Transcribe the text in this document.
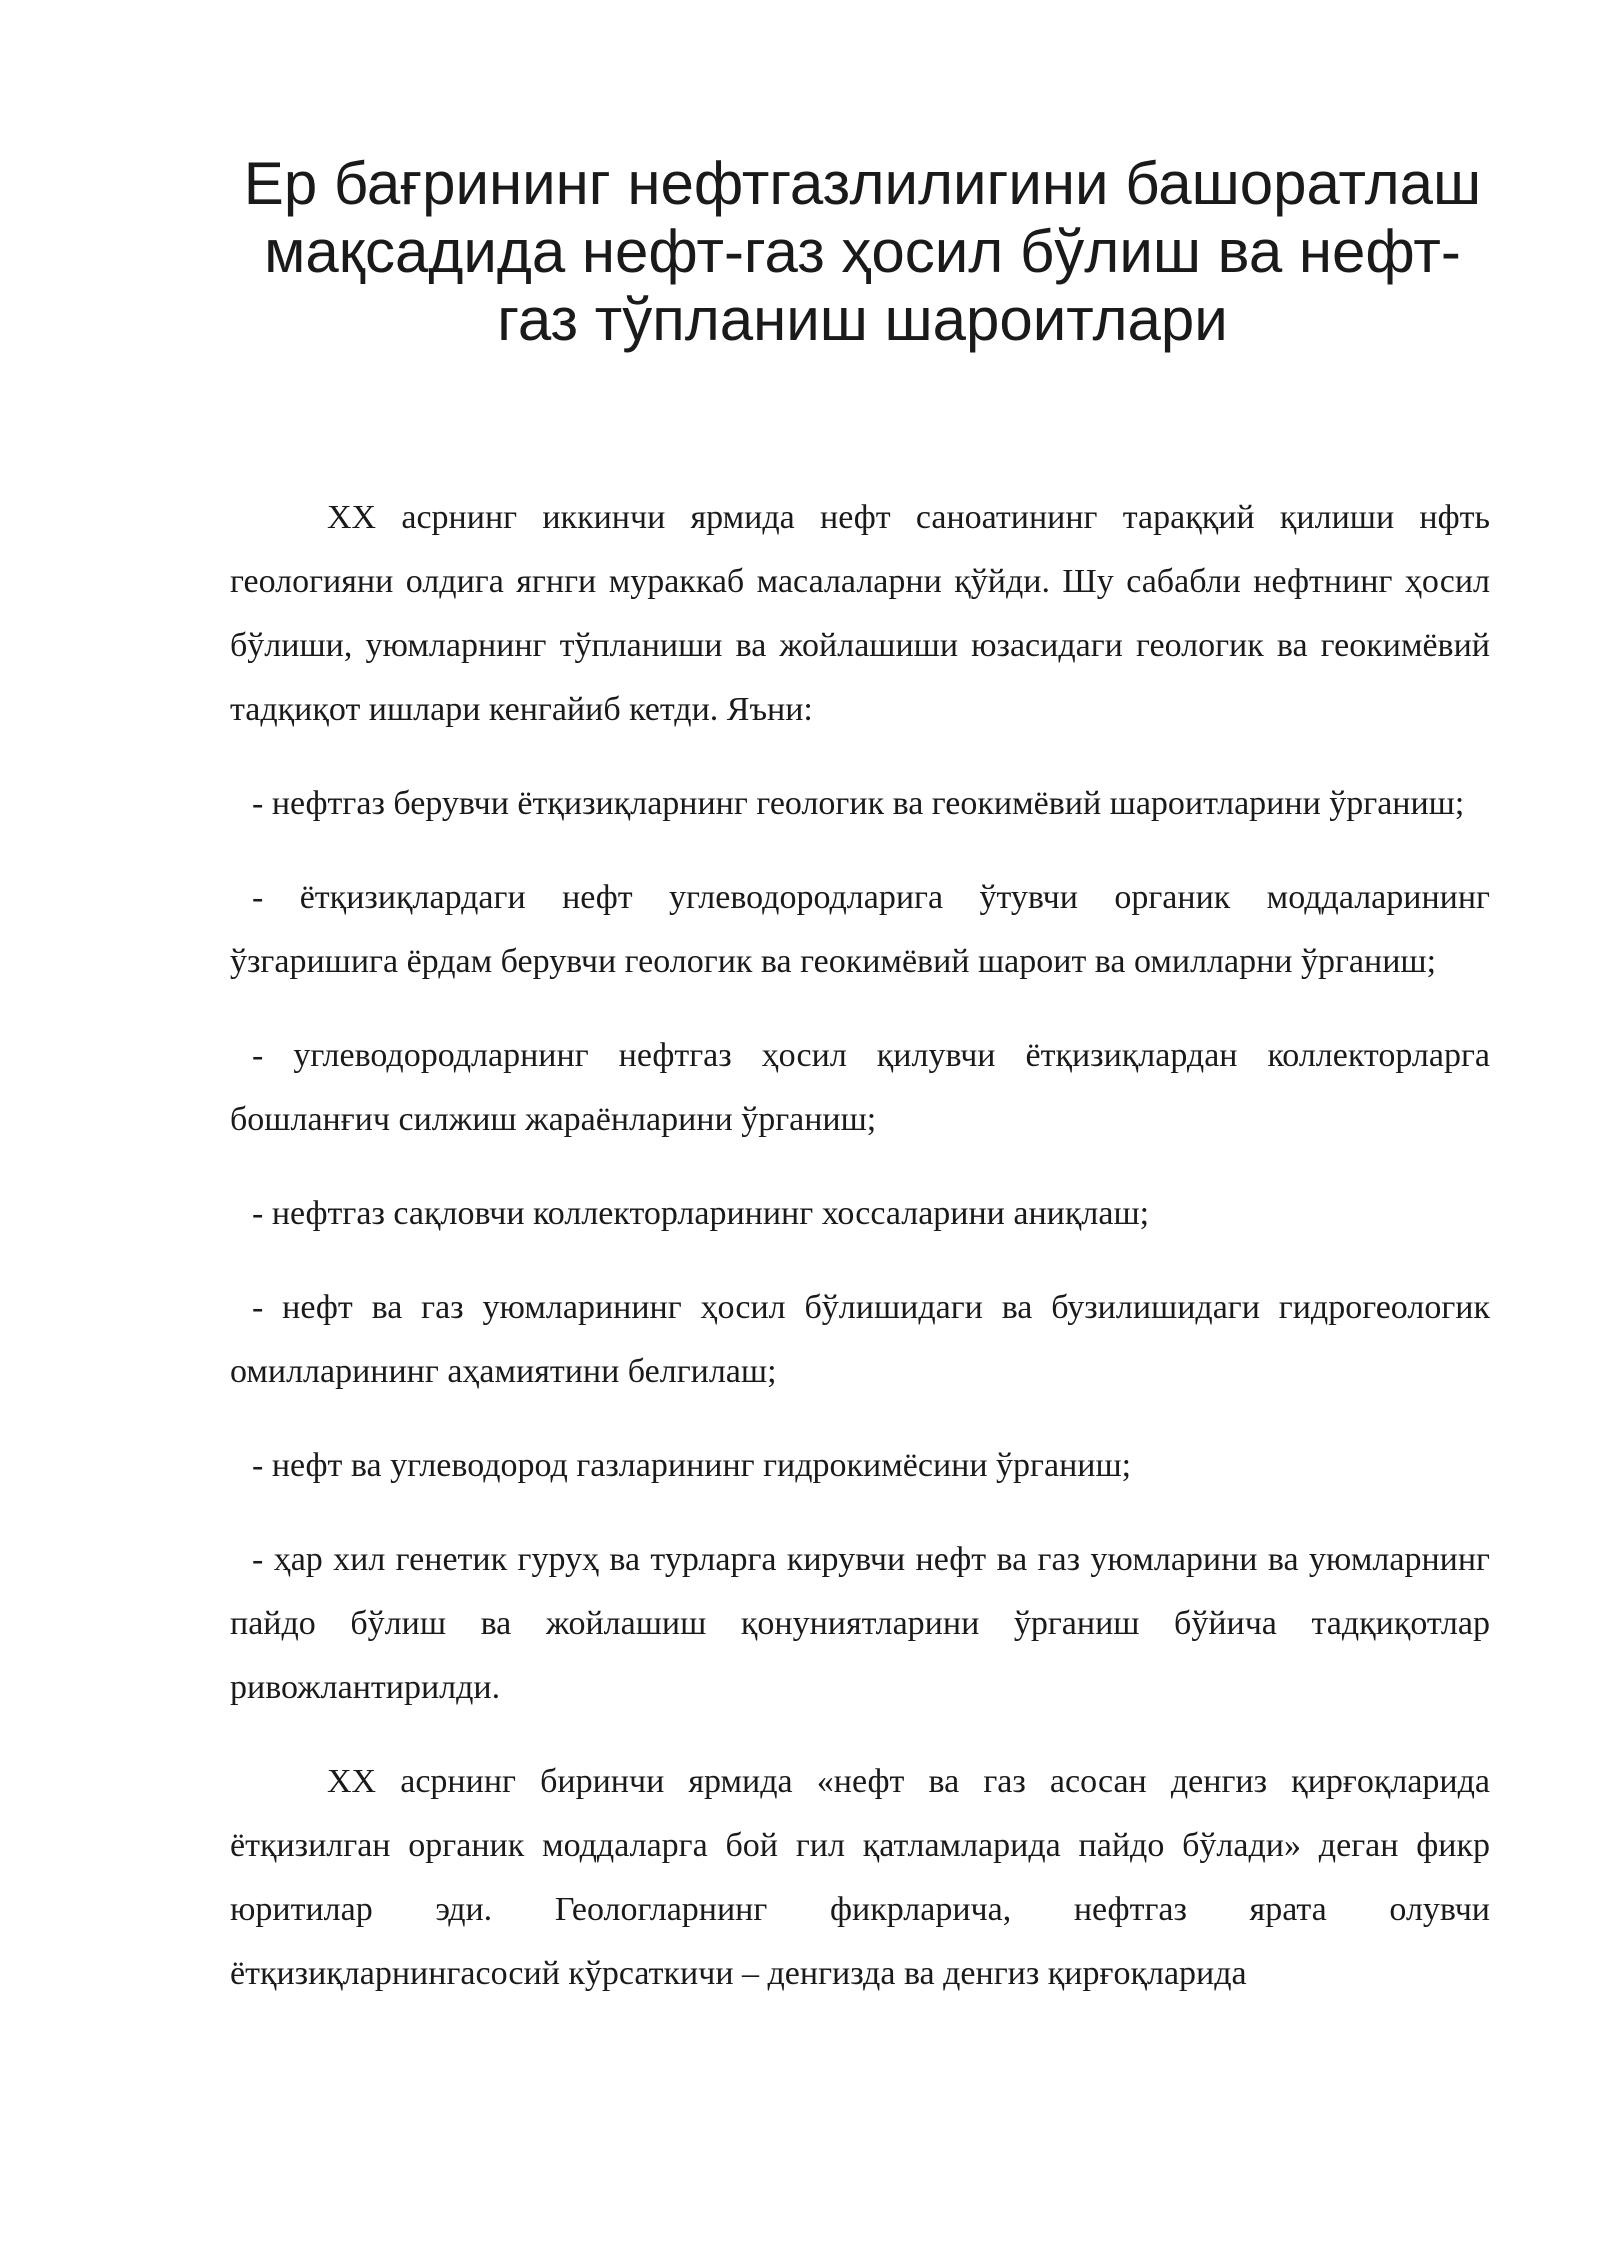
Ер бағрининг нефтгазлилигини башоратлаш мақсадида нефт-газ ҳосил бўлиш ва нефт-газ тўпланиш шароитлари

XX асрнинг иккинчи ярмида нефт саноатининг тараққий қилиши нфть геологияни олдига ягнги мураккаб масалаларни қўйди. Шу сабабли нефтнинг ҳосил бўлиши, уюмларнинг тўпланиши ва жойлашиши юзасидаги геологик ва геокимёвий тадқиқот ишлари кенгайиб кетди. Яъни:

- нефтгаз берувчи ётқизиқларнинг геологик ва геокимёвий шароитларини ўрганиш;

- ётқизиқлардаги нефт углеводородларига ўтувчи органик моддаларининг ўзгаришига ёрдам берувчи геологик ва геокимёвий шароит ва омилларни ўрганиш;

- углеводородларнинг нефтгаз ҳосил қилувчи ётқизиқлардан коллекторларга бошланғич силжиш жараёнларини ўрганиш;

- нефтгаз сақловчи коллекторларининг хоссаларини аниқлаш;

- нефт ва газ уюмларининг ҳосил бўлишидаги ва бузилишидаги гидрогеологик омилларининг аҳамиятини белгилаш;

- нефт ва углеводород газларининг гидрокимёсини ўрганиш;

- ҳар хил генетик гуруҳ ва турларга кирувчи нефт ва газ уюмларини ва уюмларнинг пайдо бўлиш ва жойлашиш қонуниятларини ўрганиш бўйича тадқиқотлар ривожлантирилди.

XX асрнинг биринчи ярмида «нефт ва газ асосан денгиз қирғоқларида ётқизилган органик моддаларга бой гил қатламларида пайдо бўлади» деган фикр юритилар эди. Геологларнинг фикрларича, нефтгаз ярата олувчи ётқизиқларнингасосий кўрсаткичи – денгизда ва денгиз қирғоқларида
